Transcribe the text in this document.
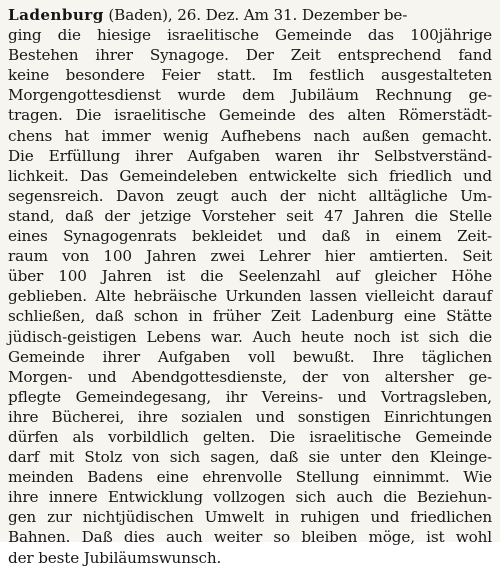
Ladenburg (Baden), 26. Dez. Am 31. Dezember be-
ging die hiesige israelitische Gemeinde das 100jährige
Bestehen ihrer Synagoge. Der Zeit entsprechend fand
keine besondere Feier statt. Im festlich ausgestalteten
Morgengottesdienst wurde dem Jubiläum Rechnung ge-
tragen. Die israelitische Gemeinde des alten Römerstädt-
chens hat immer wenig Aufhebens nach außen gemacht.
Die Erfüllung ihrer Aufgaben waren ihr Selbstverständ-
lichkeit. Das Gemeindeleben entwickelte sich friedlich und
segensreich. Davon zeugt auch der nicht alltägliche Um-
stand, daß der jetzige Vorsteher seit 47 Jahren die Stelle
eines Synagogenrats bekleidet und daß in einem Zeit-
raum von 100 Jahren zwei Lehrer hier amtierten. Seit
über 100 Jahren ist die Seelenzahl auf gleicher Höhe
geblieben. Alte hebräische Urkunden lassen vielleicht darauf
schließen, daß schon in früher Zeit Ladenburg eine Stätte
jüdisch-geistigen Lebens war. Auch heute noch ist sich die
Gemeinde ihrer Aufgaben voll bewußt. Ihre täglichen
Morgen- und Abendgottesdienste, der von altersher ge-
pflegte Gemeindegesang, ihr Vereins- und Vortragsleben,
ihre Bücherei, ihre sozialen und sonstigen Einrichtungen
dürfen als vorbildlich gelten. Die israelitische Gemeinde
darf mit Stolz von sich sagen, daß sie unter den Kleinge-
meinden Badens eine ehrenvolle Stellung einnimmt. Wie
ihre innere Entwicklung vollzogen sich auch die Beziehun-
gen zur nichtjüdischen Umwelt in ruhigen und friedlichen
Bahnen. Daß dies auch weiter so bleiben möge, ist wohl
der beste Jubiläumswunsch.
